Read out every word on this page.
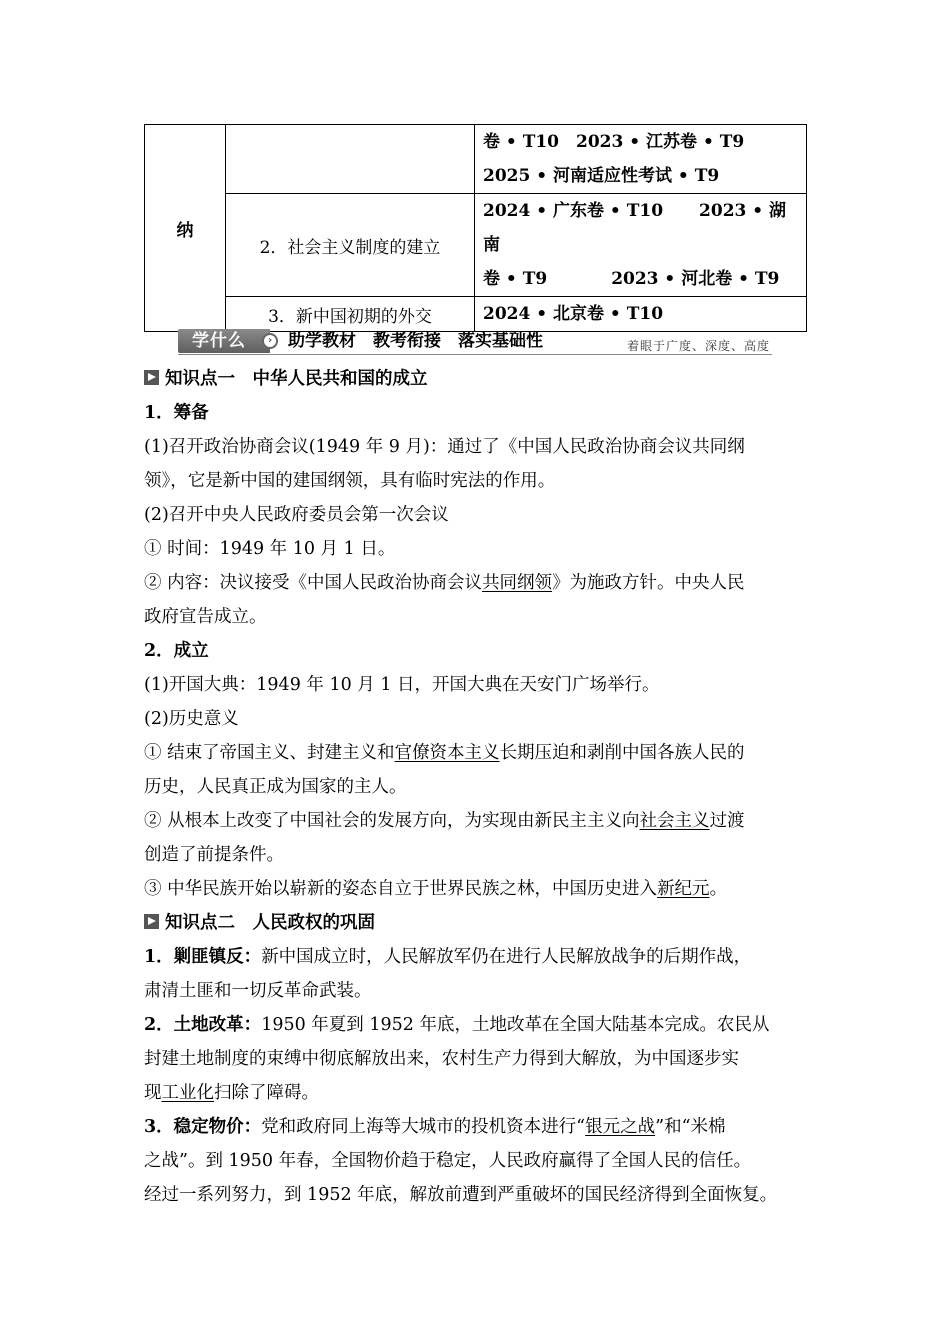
纳		卷 • T10　2023 • 江苏卷 • T9
2025 • 河南适应性考试 • T9

	2．社会主义制度的建立	2024 • 广东卷 • T10 2023 • 湖南
卷 • T9 2023 • 河北卷 • T9

	3．新中国初期的外交	2024 • 北京卷 • T10
学什么	› 助学教材　教考衔接　落实基础性	着眼于广度、深度、高度
知识点一　中华人民共和国的成立
1．筹备
(1)召开政治协商会议(1949 年 9 月)：通过了《中国人民政治协商会议共同纲
领》，它是新中国的建国纲领，具有临时宪法的作用。
(2)召开中央人民政府委员会第一次会议
① 时间：1949 年 10 月 1 日。
② 内容：决议接受《中国人民政治协商会议共同纲领》为施政方针。中央人民
政府宣告成立。
2．成立
(1)开国大典：1949 年 10 月 1 日，开国大典在天安门广场举行。
(2)历史意义
① 结束了帝国主义、封建主义和官僚资本主义长期压迫和剥削中国各族人民的
历史，人民真正成为国家的主人。
② 从根本上改变了中国社会的发展方向，为实现由新民主主义向社会主义过渡
创造了前提条件。
③ 中华民族开始以崭新的姿态自立于世界民族之林，中国历史进入新纪元。
知识点二　人民政权的巩固
1．剿匪镇反：新中国成立时，人民解放军仍在进行人民解放战争的后期作战，
肃清土匪和一切反革命武装。
2．土地改革：1950 年夏到 1952 年底，土地改革在全国大陆基本完成。农民从
封建土地制度的束缚中彻底解放出来，农村生产力得到大解放，为中国逐步实
现工业化扫除了障碍。
3．稳定物价：党和政府同上海等大城市的投机资本进行“银元之战”和“米棉
之战”。到 1950 年春，全国物价趋于稳定，人民政府赢得了全国人民的信任。
经过一系列努力，到 1952 年底，解放前遭到严重破坏的国民经济得到全面恢复。
